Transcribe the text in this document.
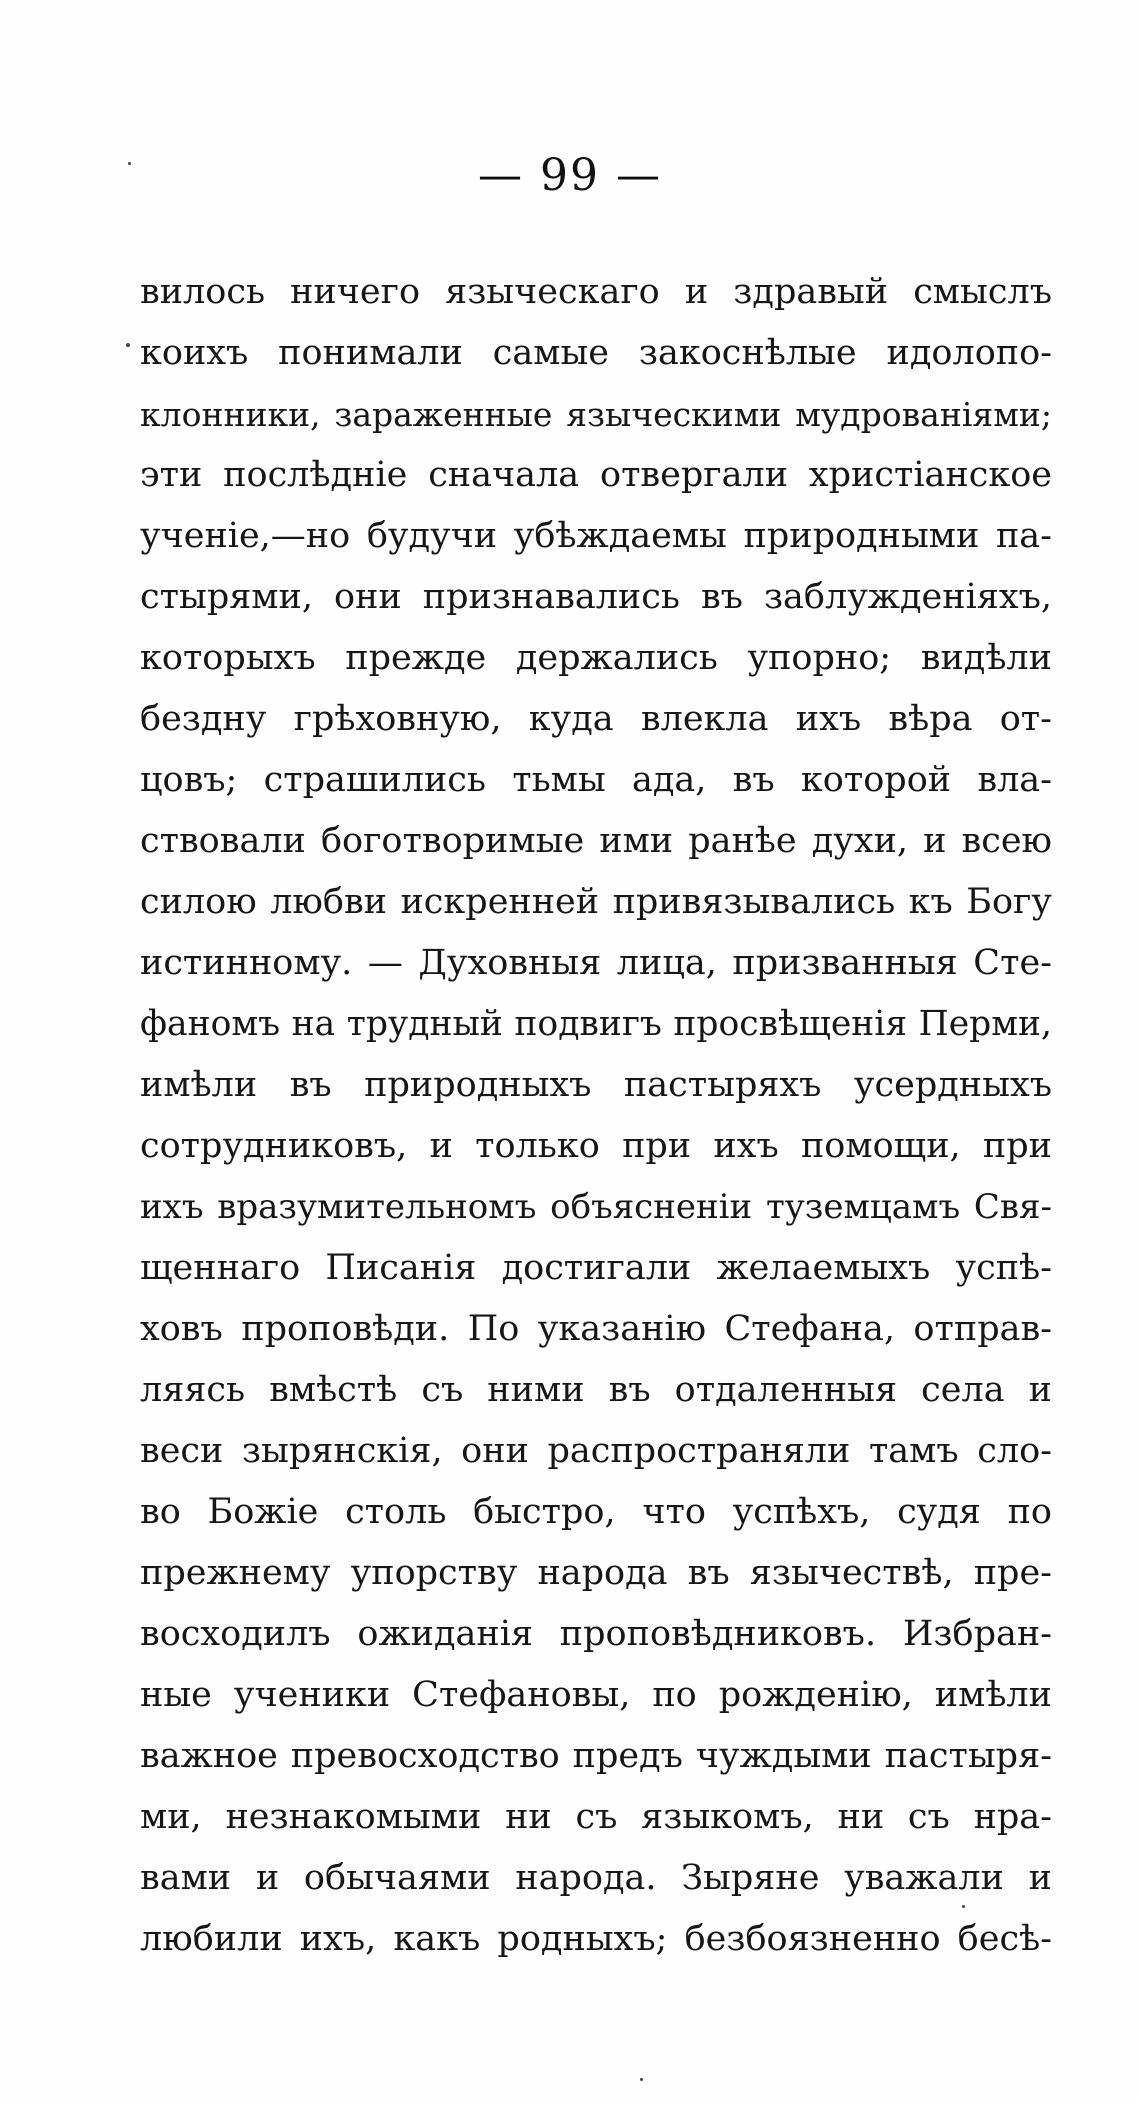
— 99 —
вилось ничего языческаго и здравый смыслъ
коихъ понимали самые закоснѣлые идолопо-
клонники, зараженные языческими мудрованіями;
эти послѣдніе сначала отвергали христіанское
ученіе,—но будучи убѣждаемы природными па-
стырями, они признавались въ заблужденіяхъ,
которыхъ прежде держались упорно; видѣли
бездну грѣховную, куда влекла ихъ вѣра от-
цовъ; страшились тьмы ада, въ которой вла-
ствовали боготворимые ими ранѣе духи, и всею
силою любви искренней привязывались къ Богу
истинному. — Духовныя лица, призванныя Сте-
фаномъ на трудный подвигъ просвѣщенія Перми,
имѣли въ природныхъ пастыряхъ усердныхъ
сотрудниковъ, и только при ихъ помощи, при
ихъ вразумительномъ объясненіи туземцамъ Свя-
щеннаго Писанія достигали желаемыхъ успѣ-
ховъ проповѣди. По указанію Стефана, отправ-
ляясь вмѣстѣ съ ними въ отдаленныя села и
веси зырянскія, они распространяли тамъ сло-
во Божіе столь быстро, что успѣхъ, судя по
прежнему упорству народа въ язычествѣ, пре-
восходилъ ожиданія проповѣдниковъ. Избран-
ные ученики Стефановы, по рожденію, имѣли
важное превосходство предъ чуждыми пастыря-
ми, незнакомыми ни съ языкомъ, ни съ нра-
вами и обычаями народа. Зыряне уважали и
любили ихъ, какъ родныхъ; безбоязненно бесѣ-
